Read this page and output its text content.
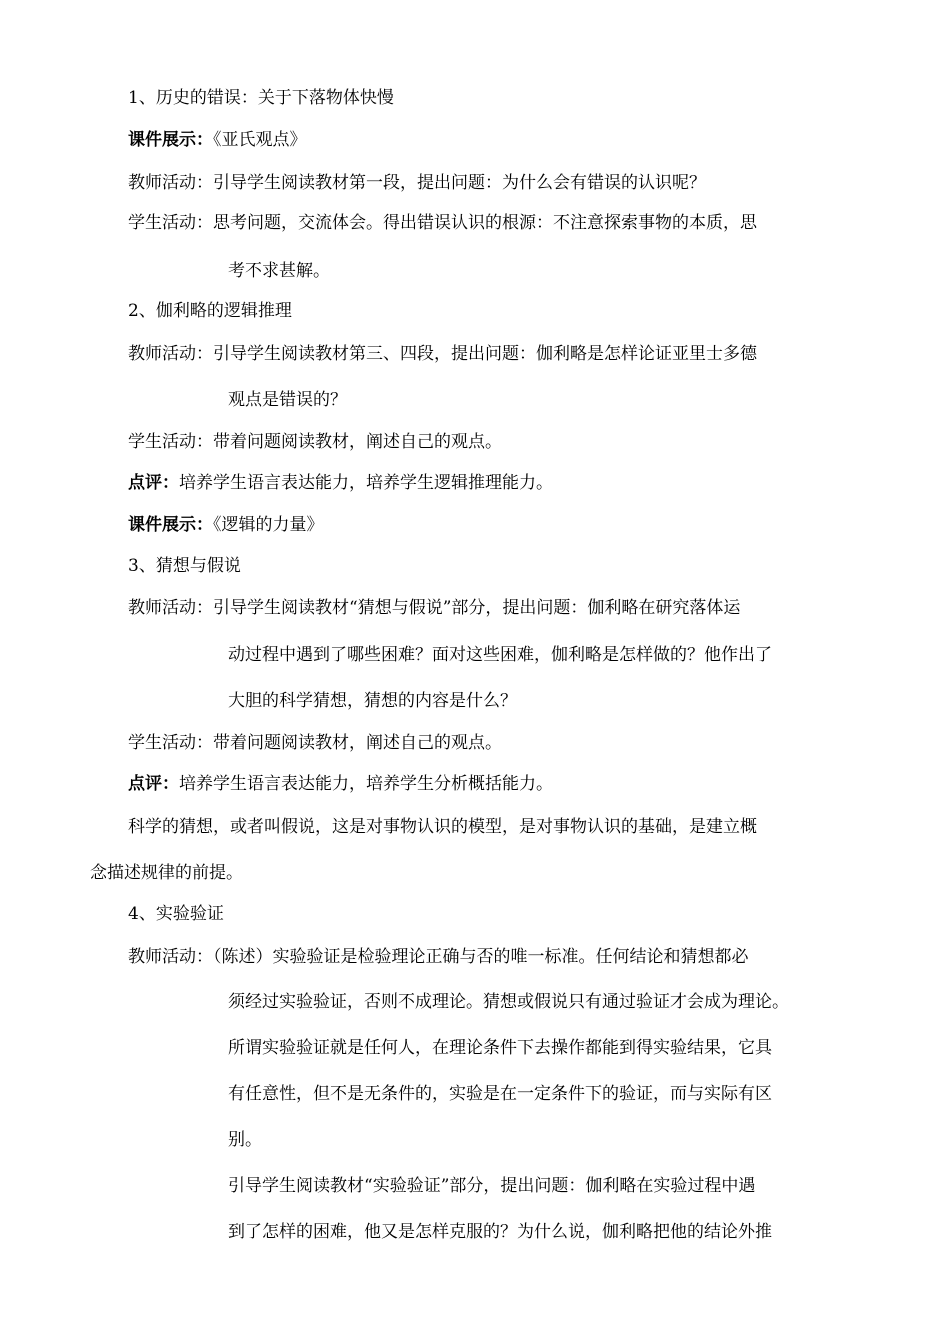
1、历史的错误：关于下落物体快慢
课件展示：《亚氏观点》
教师活动：引导学生阅读教材第一段，提出问题：为什么会有错误的认识呢？
学生活动：思考问题，交流体会。得出错误认识的根源：不注意探索事物的本质，思
考不求甚解。
2、伽利略的逻辑推理
教师活动：引导学生阅读教材第三、四段，提出问题：伽利略是怎样论证亚里士多德
观点是错误的？
学生活动：带着问题阅读教材，阐述自己的观点。
点评：培养学生语言表达能力，培养学生逻辑推理能力。
课件展示：《逻辑的力量》
3、猜想与假说
教师活动：引导学生阅读教材“猜想与假说”部分，提出问题：伽利略在研究落体运
动过程中遇到了哪些困难？面对这些困难，伽利略是怎样做的？他作出了
大胆的科学猜想，猜想的内容是什么？
学生活动：带着问题阅读教材，阐述自己的观点。
点评：培养学生语言表达能力，培养学生分析概括能力。
科学的猜想，或者叫假说，这是对事物认识的模型，是对事物认识的基础，是建立概
念描述规律的前提。
4、实验验证
教师活动：（陈述）实验验证是检验理论正确与否的唯一标准。任何结论和猜想都必
须经过实验验证，否则不成理论。猜想或假说只有通过验证才会成为理论。
所谓实验验证就是任何人，在理论条件下去操作都能到得实验结果，它具
有任意性，但不是无条件的，实验是在一定条件下的验证，而与实际有区
别。
引导学生阅读教材“实验验证”部分，提出问题：伽利略在实验过程中遇
到了怎样的困难，他又是怎样克服的？为什么说，伽利略把他的结论外推
